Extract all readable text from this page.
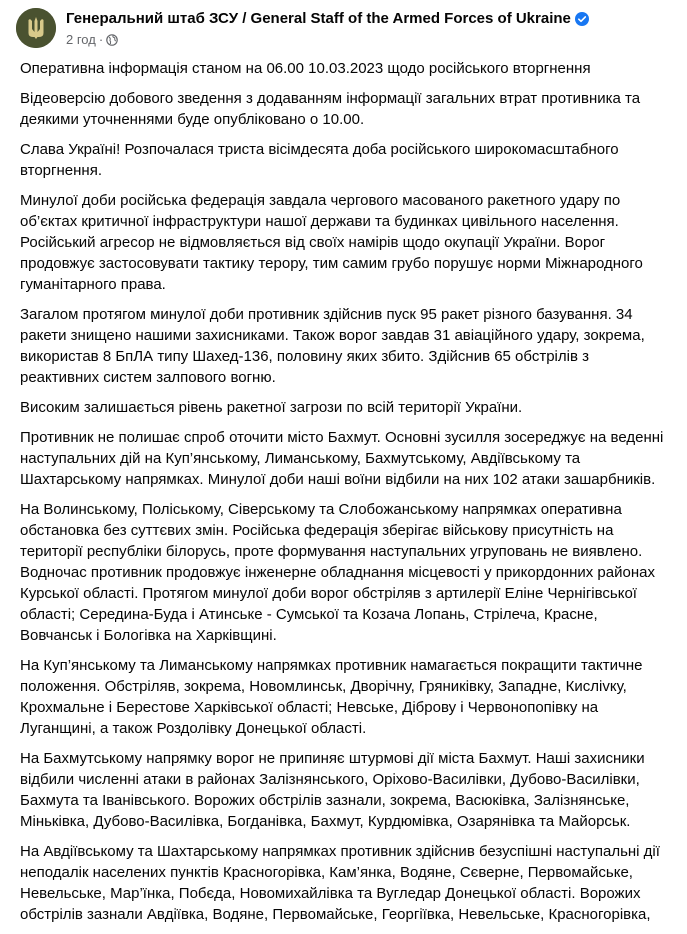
Генеральний штаб ЗСУ / General Staff of the Armed Forces of Ukraine
2 год ·

Оперативна інформація станом на 06.00 10.03.2023 щодо російського вторгнення

Відеоверсію добового зведення з додаванням інформації загальних втрат противника та деякими уточненнями буде опубліковано о 10.00.

Слава Україні! Розпочалася триста вісімдесята доба російського широкомасштабного вторгнення.

Минулої доби російська федерація завдала чергового масованого ракетного удару по об’єктах критичної інфраструктури нашої держави та будинках цивільного населення. Російський агресор не відмовляється від своїх намірів щодо окупації України. Ворог продовжує застосовувати тактику терору, тим самим грубо порушує норми Міжнародного гуманітарного права.

Загалом протягом минулої доби противник здійснив пуск 95 ракет різного базування. 34 ракети знищено нашими захисниками. Також ворог завдав 31 авіаційного удару, зокрема, використав 8 БпЛА типу Шахед-136, половину яких збито. Здійснив 65 обстрілів з реактивних систем залпового вогню.

Високим залишається рівень ракетної загрози по всій території України.

Противник не полишає спроб оточити місто Бахмут. Основні зусилля зосереджує на веденні наступальних дій на Куп’янському, Лиманському, Бахмутському, Авдіївському та Шахтарському напрямках. Минулої доби наші воїни відбили на них 102 атаки зашарбників.

На Волинському, Поліському, Сіверському та Слобожанському напрямках оперативна обстановка без суттєвих змін. Російська федерація зберігає військову присутність на території республіки білорусь, проте формування наступальних угруповань не виявлено. Водночас противник продовжує інженерне обладнання місцевості у прикордонних районах Курської області. Протягом минулої доби ворог обстріляв з артилерії Еліне Чернігівської області; Середина-Буда і Атинське - Сумської та Козача Лопань, Стрілеча, Красне, Вовчанськ і Бологівка на Харківщині.

На Куп’янському та Лиманському напрямках противник намагається покращити тактичне положення. Обстріляв, зокрема, Новомлинськ, Дворічну, Гряниківку, Западне, Кисліvку, Крохмальне і Берестове Харківської області; Невське, Діброву і Червонопопівку на Луганщині, а також Роздолівку Донецької області.

На Бахмутському напрямку ворог не припиняє штурмові дії міста Бахмут. Наші захисники відбили численні атаки в районах Залізнянського, Оріхово-Василівки, Дубово-Василівки, Бахмута та Іванівського. Ворожих обстрілів зазнали, зокрема, Васюківка, Залізнянське, Міньківка, Дубово-Василівка, Богданівка, Бахмут, Курдюмівка, Озарянівка та Майорськ.

На Авдіївському та Шахтарському напрямках противник здійснив безуспішні наступальні дії неподалік населених пунктів Красногорівка, Кам’янка, Водяне, Сєверне, Первомайське, Невельське, Мар’їнка, Побєда, Новомихайлівка та Вугледар Донецької області. Ворожих обстрілів зазнали Авдіївка, Водяне, Первомайське, Георгіївка, Невельське, Красногорівка,
